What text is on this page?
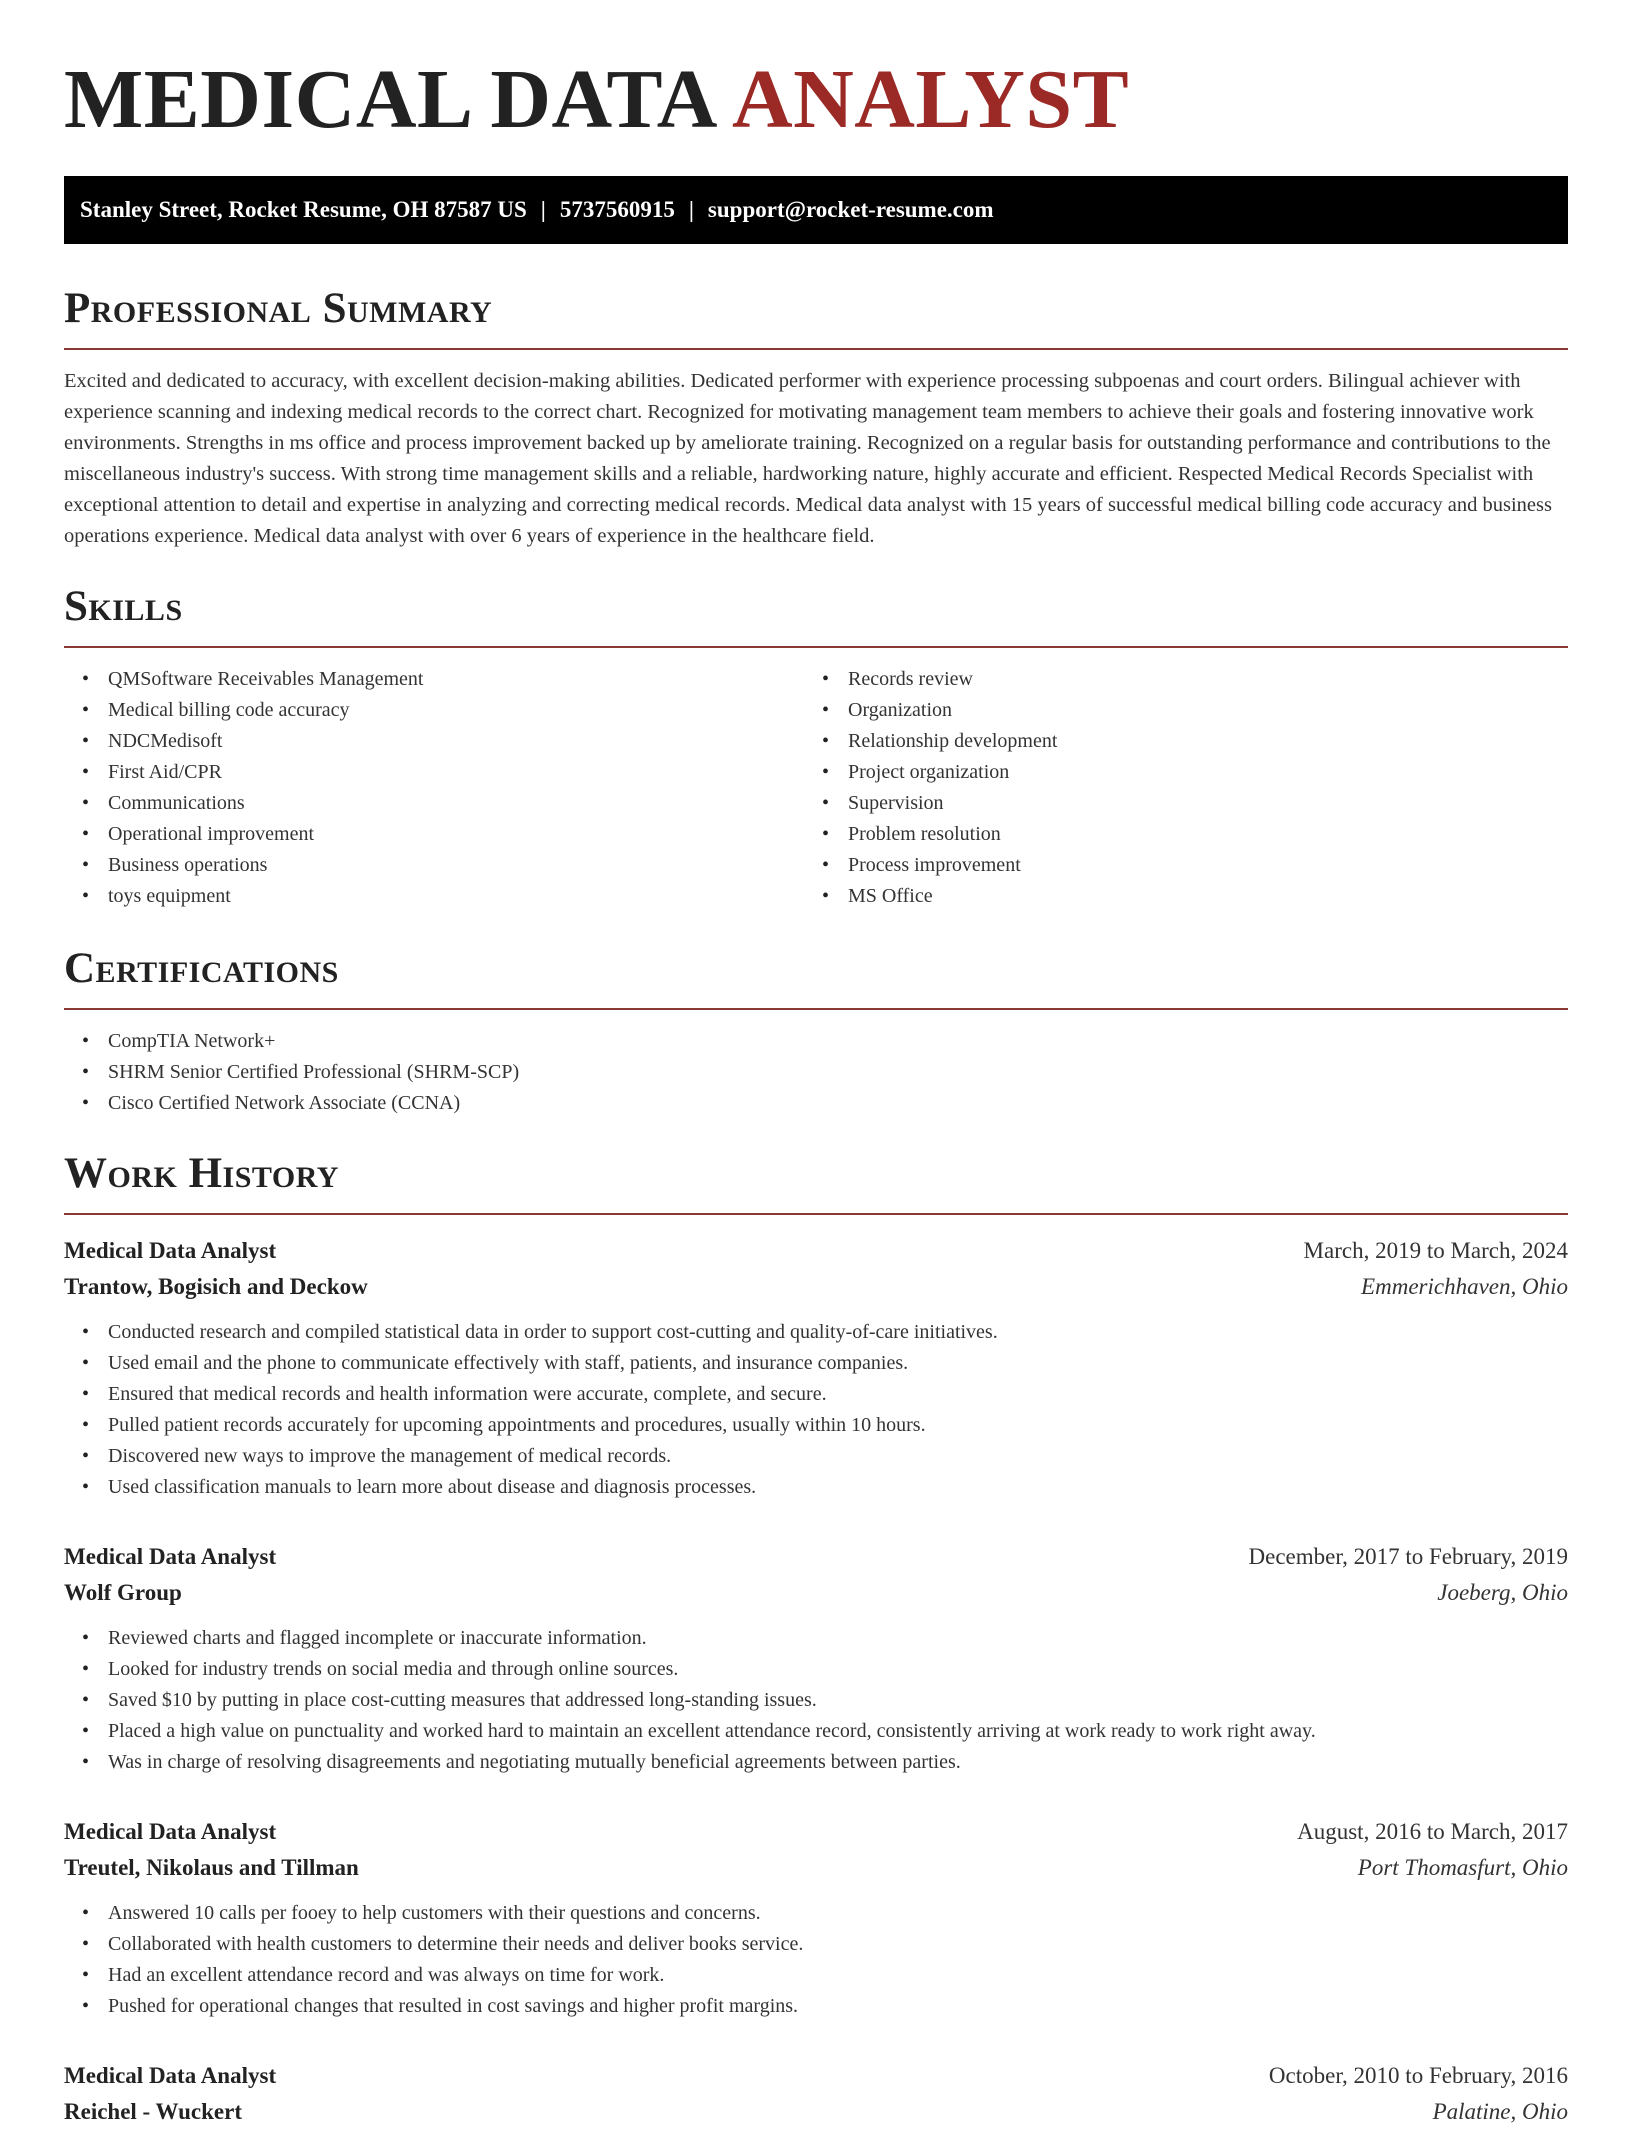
MEDICAL DATA ANALYST
Stanley Street, Rocket Resume, OH 87587 US | 5737560915 | support@rocket-resume.com
Professional Summary

Excited and dedicated to accuracy, with excellent decision-making abilities. Dedicated performer with experience processing subpoenas and court orders. Bilingual achiever with experience scanning and indexing medical records to the correct chart. Recognized for motivating management team members to achieve their goals and fostering innovative work environments. Strengths in ms office and process improvement backed up by ameliorate training. Recognized on a regular basis for outstanding performance and contributions to the miscellaneous industry's success. With strong time management skills and a reliable, hardworking nature, highly accurate and efficient. Respected Medical Records Specialist with exceptional attention to detail and expertise in analyzing and correcting medical records. Medical data analyst with 15 years of successful medical billing code accuracy and business operations experience. Medical data analyst with over 6 years of experience in the healthcare field.

Skills
• QMSoftware Receivables Management
• Medical billing code accuracy
• NDCMedisoft
• First Aid/CPR
• Communications
• Operational improvement
• Business operations
• toys equipment
• Records review
• Organization
• Relationship development
• Project organization
• Supervision
• Problem resolution
• Process improvement
• MS Office
Certifications
• CompTIA Network+
• SHRM Senior Certified Professional (SHRM-SCP)
• Cisco Certified Network Associate (CCNA)
Work History
Medical Data Analyst	March, 2019 to March, 2024
Trantow, Bogisich and Deckow	Emmerichhaven, Ohio
• Conducted research and compiled statistical data in order to support cost-cutting and quality-of-care initiatives.
• Used email and the phone to communicate effectively with staff, patients, and insurance companies.
• Ensured that medical records and health information were accurate, complete, and secure.
• Pulled patient records accurately for upcoming appointments and procedures, usually within 10 hours.
• Discovered new ways to improve the management of medical records.
• Used classification manuals to learn more about disease and diagnosis processes.
Medical Data Analyst	December, 2017 to February, 2019
Wolf Group	Joeberg, Ohio
• Reviewed charts and flagged incomplete or inaccurate information.
• Looked for industry trends on social media and through online sources.
• Saved $10 by putting in place cost-cutting measures that addressed long-standing issues.
• Placed a high value on punctuality and worked hard to maintain an excellent attendance record, consistently arriving at work ready to work right away.
• Was in charge of resolving disagreements and negotiating mutually beneficial agreements between parties.
Medical Data Analyst	August, 2016 to March, 2017
Treutel, Nikolaus and Tillman	Port Thomasfurt, Ohio
• Answered 10 calls per fooey to help customers with their questions and concerns.
• Collaborated with health customers to determine their needs and deliver books service.
• Had an excellent attendance record and was always on time for work.
• Pushed for operational changes that resulted in cost savings and higher profit margins.
Medical Data Analyst	October, 2010 to February, 2016
Reichel - Wuckert	Palatine, Ohio
